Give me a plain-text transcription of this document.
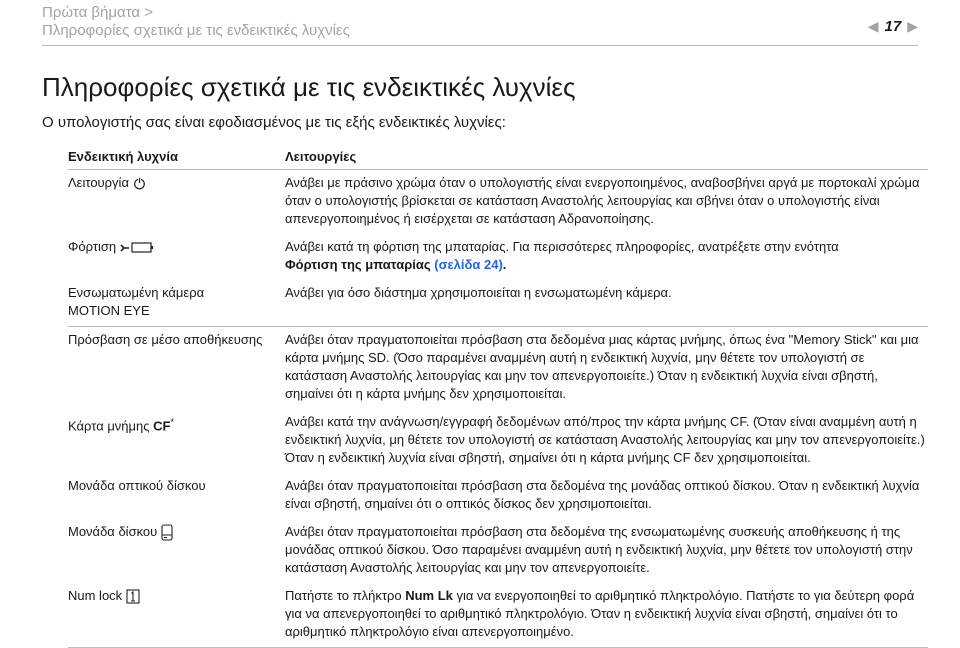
Πρώτα βήματα >
Πληροφορίες σχετικά με τις ενδεικτικές λυχνίες	◀ 17 ▶
Πληροφορίες σχετικά με τις ενδεικτικές λυχνίες
Ο υπολογιστής σας είναι εφοδιασμένος με τις εξής ενδεικτικές λυχνίες:
Ενδεικτική λυχνία	Λειτουργίες
Λειτουργία	Ανάβει με πράσινο χρώμα όταν ο υπολογιστής είναι ενεργοποιημένος, αναβοσβήνει αργά με πορτοκαλί χρώμα όταν ο υπολογιστής βρίσκεται σε κατάσταση Αναστολής λειτουργίας και σβήνει όταν ο υπολογιστής είναι απενεργοποιημένος ή εισέρχεται σε κατάσταση Αδρανοποίησης.
Φόρτιση	Ανάβει κατά τη φόρτιση της μπαταρίας. Για περισσότερες πληροφορίες, ανατρέξετε στην ενότητα
Φόρτιση της μπαταρίας (σελίδα 24).

Ενσωματωμένη κάμερα
MOTION EYE	Ανάβει για όσο διάστημα χρησιμοποιείται η ενσωματωμένη κάμερα.
Πρόσβαση σε μέσο αποθήκευσης	Ανάβει όταν πραγματοποιείται πρόσβαση στα δεδομένα μιας κάρτας μνήμης, όπως ένα "Memory Stick" και μια κάρτα μνήμης SD. (Όσο παραμένει αναμμένη αυτή η ενδεικτική λυχνία, μην θέτετε τον υπολογιστή σε κατάσταση Αναστολής λειτουργίας και μην τον απενεργοποιείτε.) Όταν η ενδεικτική λυχνία είναι σβηστή, σημαίνει ότι η κάρτα μνήμης δεν χρησιμοποιείται.
Κάρτα μνήμης CF*	Ανάβει κατά την ανάγνωση/εγγραφή δεδομένων από/προς την κάρτα μνήμης CF. (Όταν είναι αναμμένη αυτή η ενδεικτική λυχνία, μη θέτετε τον υπολογιστή σε κατάσταση Αναστολής λειτουργίας και μην τον απενεργοποιείτε.) Όταν η ενδεικτική λυχνία είναι σβηστή, σημαίνει ότι η κάρτα μνήμης CF δεν χρησιμοποιείται.
Μονάδα οπτικού δίσκου	Ανάβει όταν πραγματοποιείται πρόσβαση στα δεδομένα της μονάδας οπτικού δίσκου. Όταν η ενδεικτική λυχνία είναι σβηστή, σημαίνει ότι ο οπτικός δίσκος δεν χρησιμοποιείται.
Μονάδα δίσκου	Ανάβει όταν πραγματοποιείται πρόσβαση στα δεδομένα της ενσωματωμένης συσκευής αποθήκευσης ή της μονάδας οπτικού δίσκου. Όσο παραμένει αναμμένη αυτή η ενδεικτική λυχνία, μην θέτετε τον υπολογιστή στην κατάσταση Αναστολής λειτουργίας και μην τον απενεργοποιείτε.
Num lock	Πατήστε το πλήκτρο Num Lk για να ενεργοποιηθεί το αριθμητικό πληκτρολόγιο. Πατήστε το για δεύτερη φορά για να απενεργοποιηθεί το αριθμητικό πληκτρολόγιο. Όταν η ενδεικτική λυχνία είναι σβηστή, σημαίνει ότι το αριθμητικό πληκτρολόγιο είναι απενεργοποιημένο.
